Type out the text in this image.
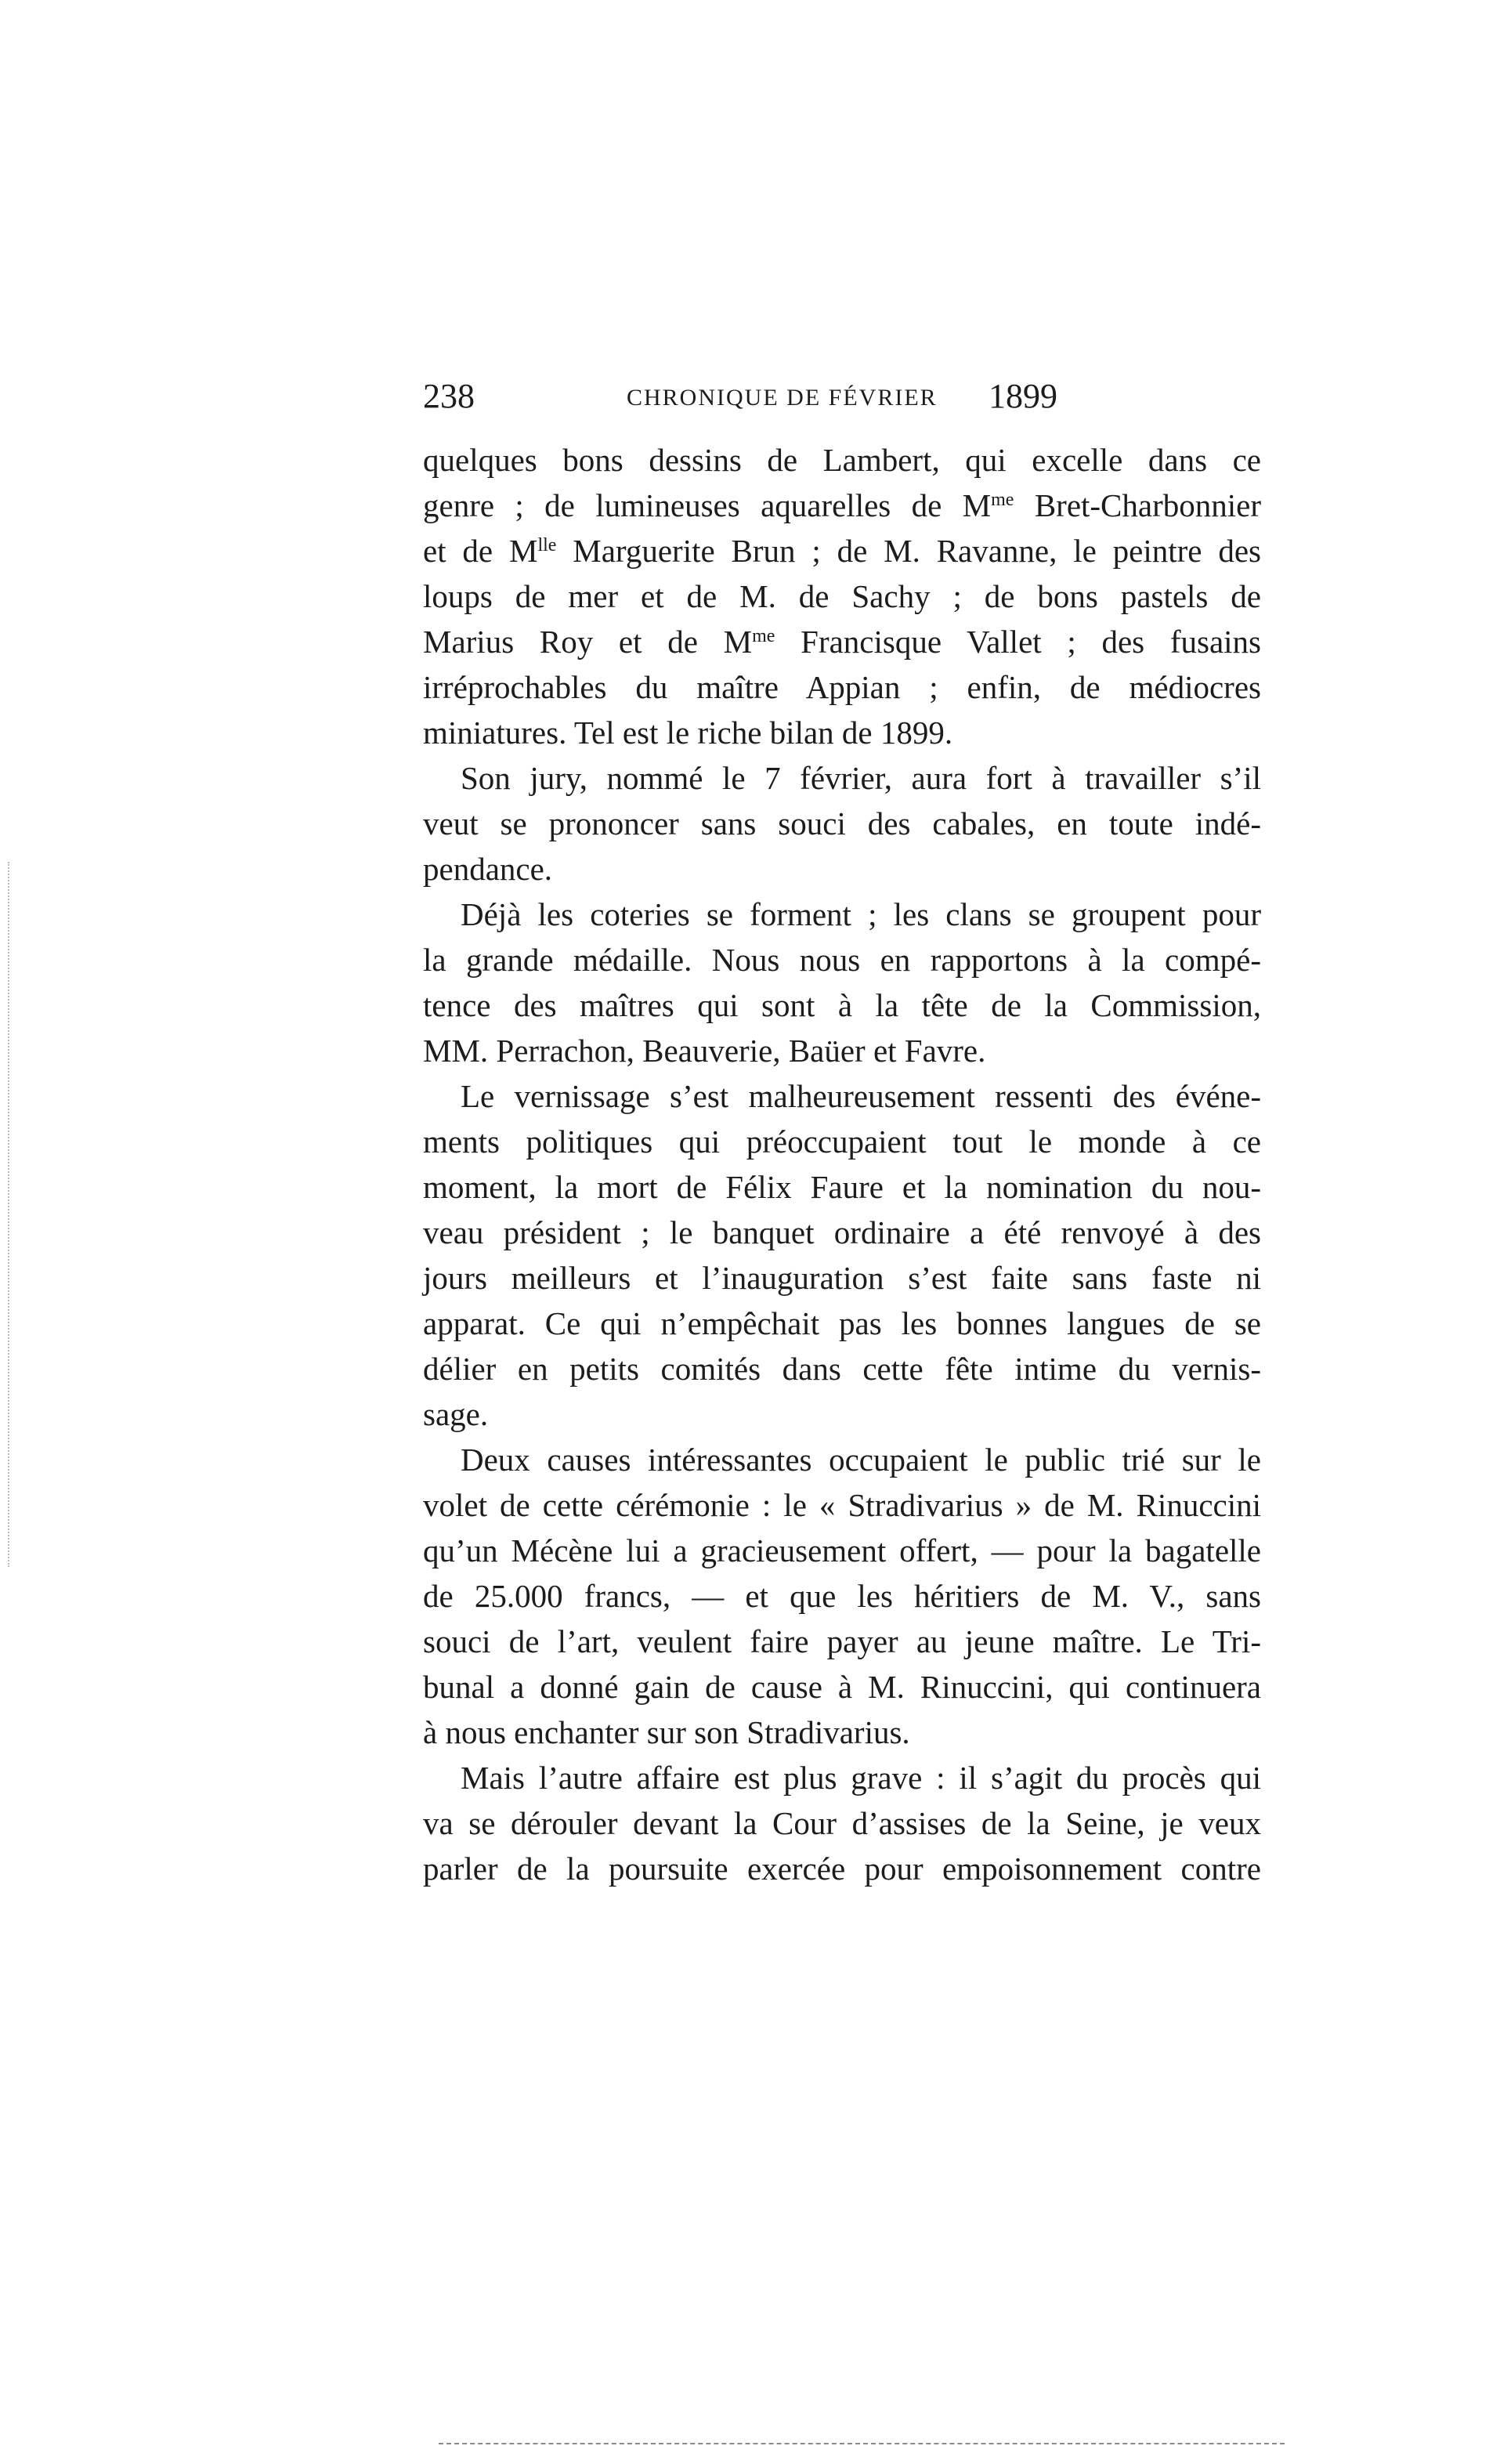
238	CHRONIQUE DE FÉVRIER 1899
quelques bons dessins de Lambert, qui excelle dans ce
genre ; de lumineuses aquarelles de $M^{me}$ Bret-Charbonnier
et de $M^{lle}$ Marguerite Brun ; de M. Ravanne, le peintre des
loups de mer et de M. de Sachy ; de bons pastels de
Marius Roy et de $M^{me}$ Francisque Vallet ; des fusains
irréprochables du maître Appian ; enfin, de médiocres
miniatures. Tel est le riche bilan de 1899.
Son jury, nommé le 7 février, aura fort à travailler s’il
veut se prononcer sans souci des cabales, en toute indé-
pendance.
Déjà les coteries se forment ; les clans se groupent pour
la grande médaille. Nous nous en rapportons à la compé-
tence des maîtres qui sont à la tête de la Commission,
MM. Perrachon, Beauverie, Baüer et Favre.
Le vernissage s’est malheureusement ressenti des événe-
ments politiques qui préoccupaient tout le monde à ce
moment, la mort de Félix Faure et la nomination du nou-
veau président ; le banquet ordinaire a été renvoyé à des
jours meilleurs et l’inauguration s’est faite sans faste ni
apparat. Ce qui n’empêchait pas les bonnes langues de se
délier en petits comités dans cette fête intime du vernis-
sage.
Deux causes intéressantes occupaient le public trié sur le
volet de cette cérémonie : le « Stradivarius » de M. Rinuccini
qu’un Mécène lui a gracieusement offert, — pour la bagatelle
de 25.000 francs, — et que les héritiers de M. V., sans
souci de l’art, veulent faire payer au jeune maître. Le Tri-
bunal a donné gain de cause à M. Rinuccini, qui continuera
à nous enchanter sur son Stradivarius.
Mais l’autre affaire est plus grave : il s’agit du procès qui
va se dérouler devant la Cour d’assises de la Seine, je veux
parler de la poursuite exercée pour empoisonnement contre
